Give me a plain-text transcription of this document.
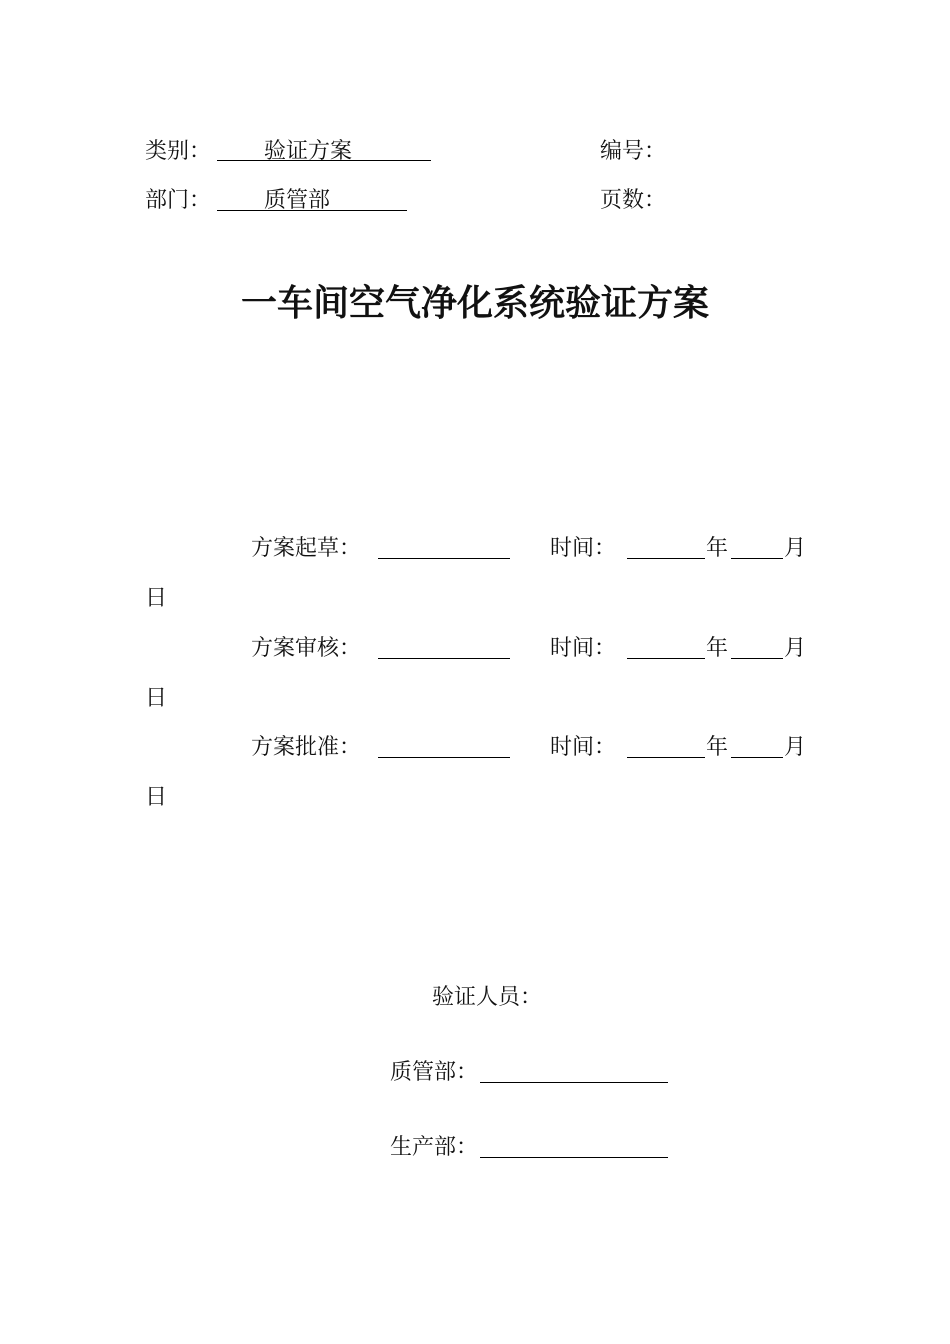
类别： 验证方案	编号：
部门： 质管部	页数：
一车间空气净化系统验证方案
方案起草：	时间：	年	月
日
方案审核：	时间：	年	月
日
方案批准：	时间：	年	月
日
验证人员：
质管部：
生产部：
